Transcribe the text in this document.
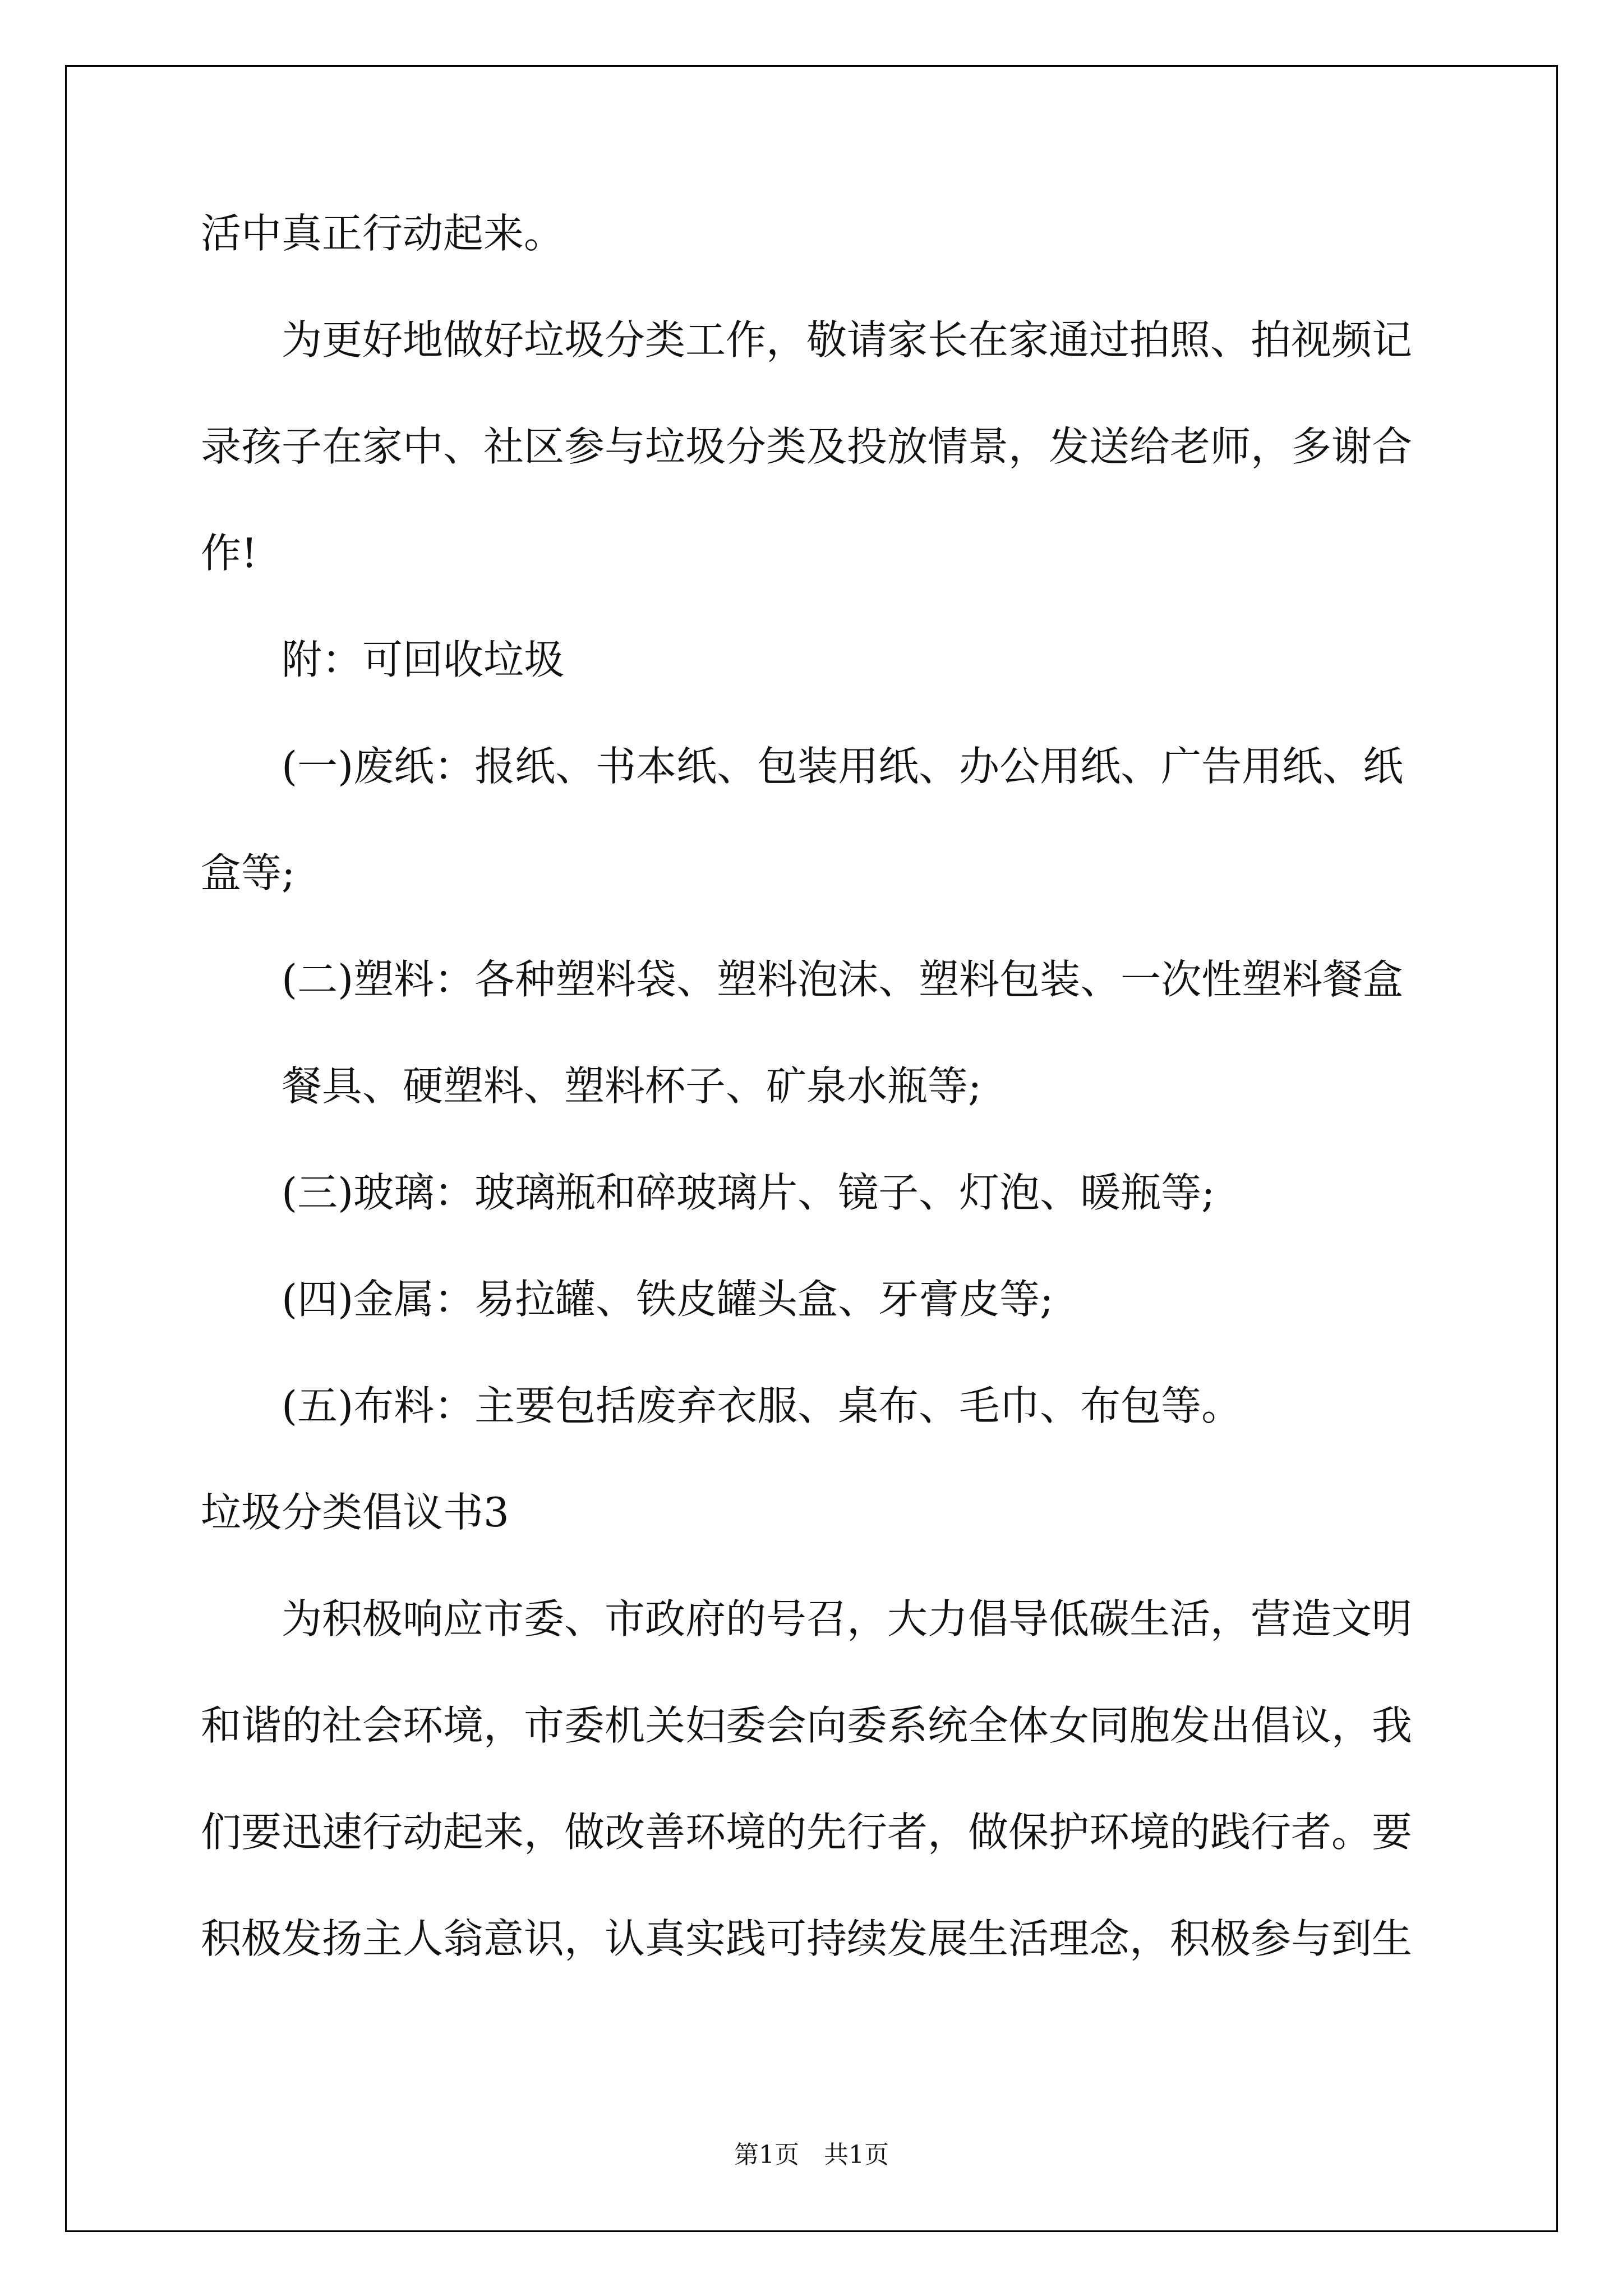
活中真正行动起来。
为更好地做好垃圾分类工作，敬请家长在家通过拍照、拍视频记
录孩子在家中、社区参与垃圾分类及投放情景，发送给老师，多谢合
作!
附：可回收垃圾
(一)废纸：报纸、书本纸、包装用纸、办公用纸、广告用纸、纸
盒等;
(二)塑料：各种塑料袋、塑料泡沫、塑料包装、一次性塑料餐盒
餐具、硬塑料、塑料杯子、矿泉水瓶等;
(三)玻璃：玻璃瓶和碎玻璃片、镜子、灯泡、暖瓶等;
(四)金属：易拉罐、铁皮罐头盒、牙膏皮等;
(五)布料：主要包括废弃衣服、桌布、毛巾、布包等。
垃圾分类倡议书3
为积极响应市委、市政府的号召，大力倡导低碳生活，营造文明
和谐的社会环境，市委机关妇委会向委系统全体女同胞发出倡议，我
们要迅速行动起来，做改善环境的先行者，做保护环境的践行者。要
积极发扬主人翁意识，认真实践可持续发展生活理念，积极参与到生
第1页　共1页
